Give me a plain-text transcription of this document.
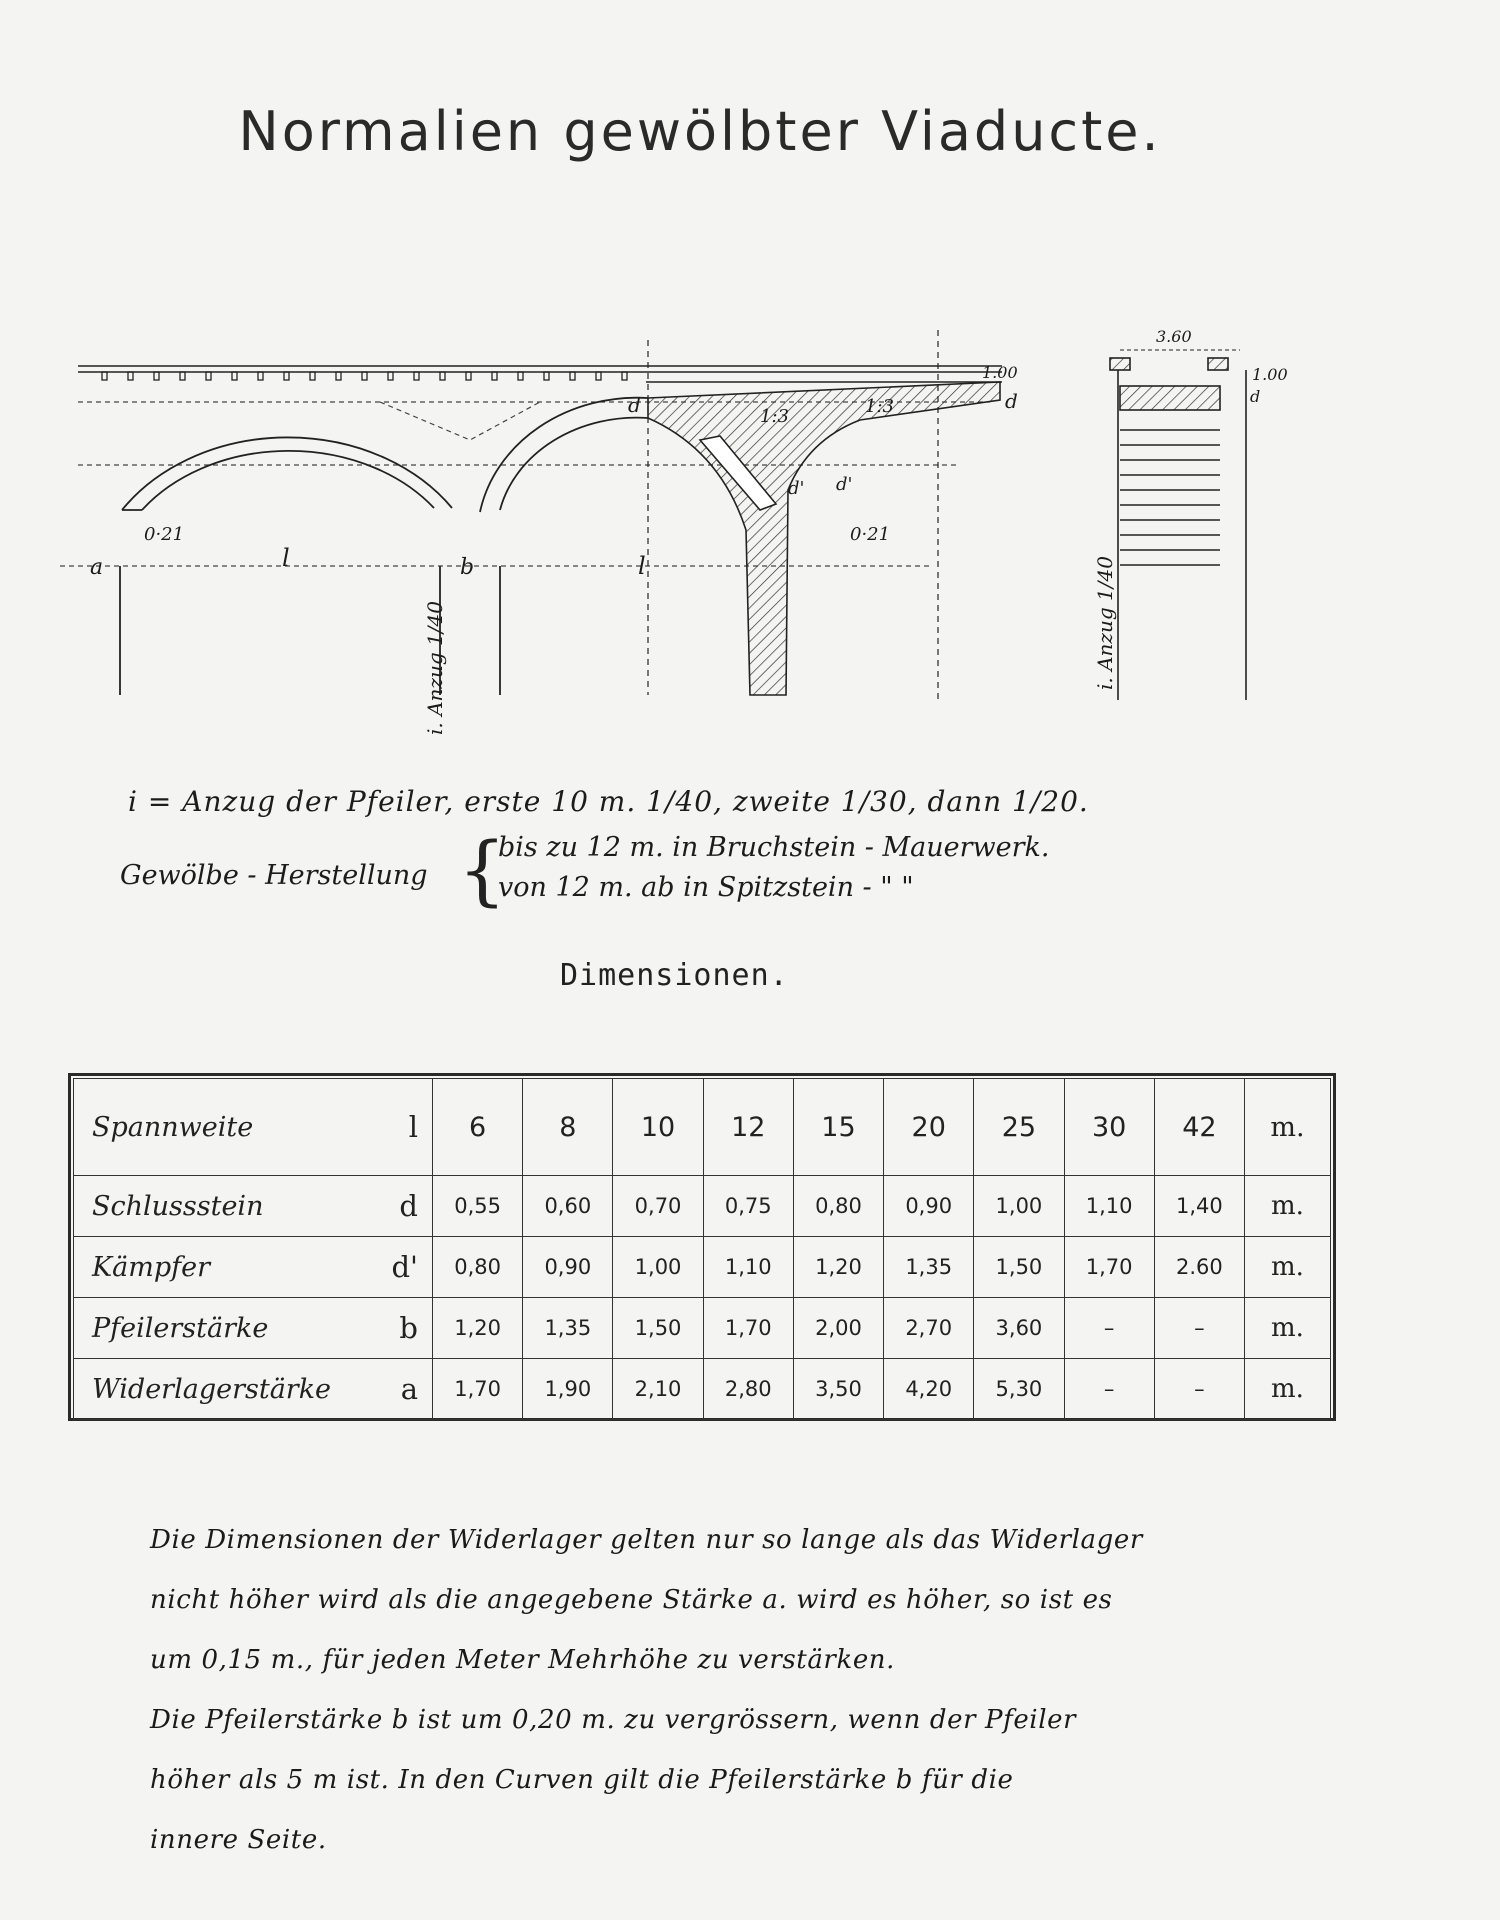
Normalien gewölbter Viaducte.
a	l	b	l
0·21	0·21
d	d
d' d'
1:3	1:3
1.00
3.60
1.00
d
i. Anzug 1/40	i. Anzug 1/40
i = Anzug der Pfeiler, erste 10 m. 1/40, zweite 1/30, dann 1/20.
Gewölbe - Herstellung {
bis zu 12 m. in Bruchstein - Mauerwerk.
von 12 m. ab in Spitzstein - " "
Dimensionen.
Spannweite l	6	8	10	12	15	20	25	30	42	m.
Schlussstein d	0,55	0,60	0,70	0,75	0,80	0,90	1,00	1,10	1,40	m.
Kämpfer d'	0,80	0,90	1,00	1,10	1,20	1,35	1,50	1,70	2.60	m.
Pfeilerstärke b	1,20	1,35	1,50	1,70	2,00	2,70	3,60	–	–	m.
Widerlagerstärke a	1,70	1,90	2,10	2,80	3,50	4,20	5,30	–	–	m.

Die Dimensionen der Widerlager gelten nur so lange als das Widerlager

nicht höher wird als die angegebene Stärke a. wird es höher, so ist es

um 0,15 m., für jeden Meter Mehrhöhe zu verstärken.

Die Pfeilerstärke b ist um 0,20 m. zu vergrössern, wenn der Pfeiler

höher als 5 m ist. In den Curven gilt die Pfeilerstärke b für die

innere Seite.
